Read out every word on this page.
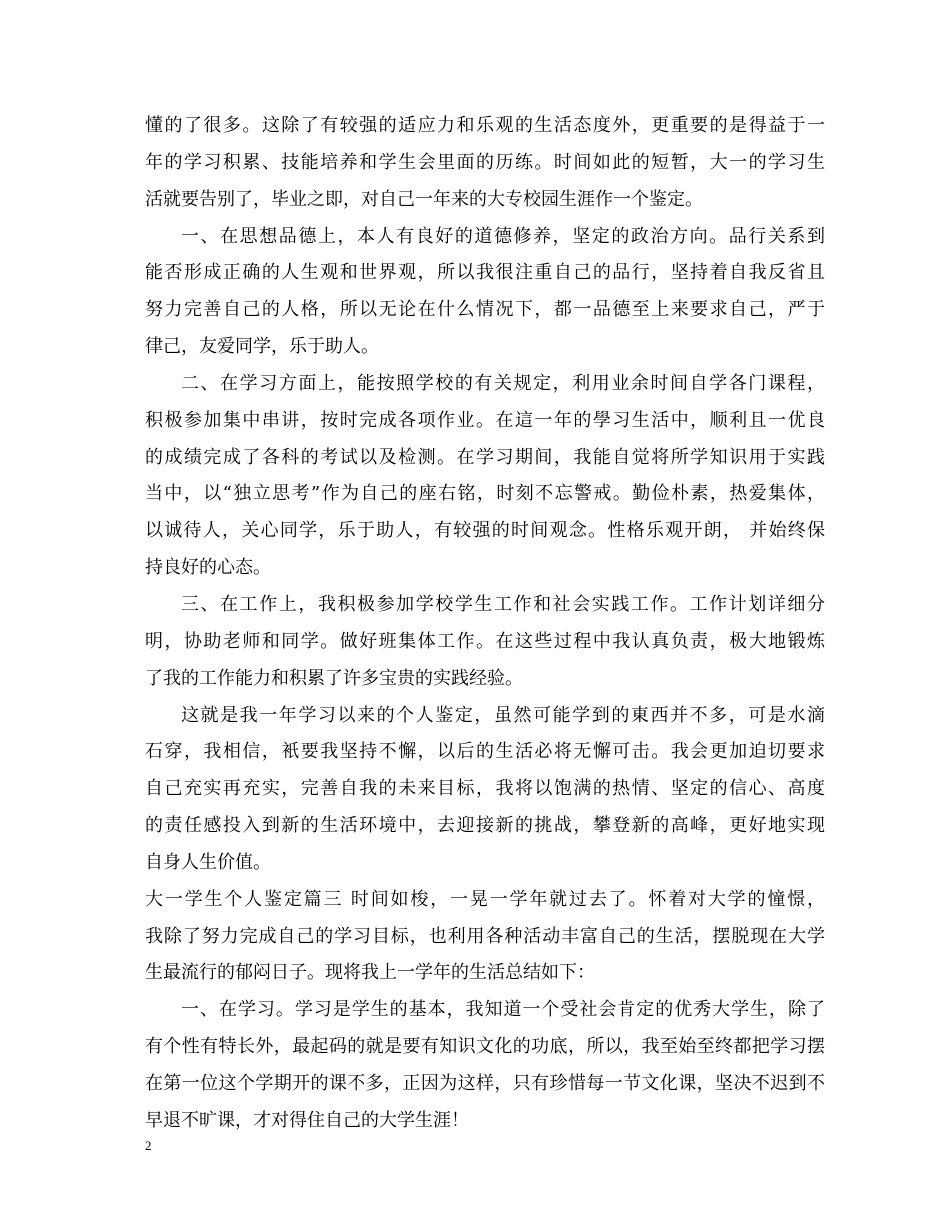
懂的了很多。这除了有较强的适应力和乐观的生活态度外，更重要的是得益于一
年的学习积累、技能培养和学生会里面的历练。时间如此的短暂，大一的学习生
活就要告别了，毕业之即，对自己一年来的大专校园生涯作一个鉴定。
一、在思想品德上，本人有良好的道德修养，坚定的政治方向。品行关系到
能否形成正确的人生观和世界观，所以我很注重自己的品行，坚持着自我反省且
努力完善自己的人格，所以无论在什么情况下，都一品德至上来要求自己，严于
律己，友爱同学，乐于助人。
二、在学习方面上，能按照学校的有关规定，利用业余时间自学各门课程，
积极参加集中串讲，按时完成各项作业。在這一年的學习生活中，顺利且一优良
的成绩完成了各科的考试以及检测。在学习期间，我能自觉将所学知识用于实践
当中，以“独立思考”作为自己的座右铭，时刻不忘警戒。勤俭朴素，热爱集体，
以诚待人，关心同学，乐于助人，有较强的时间观念。性格乐观开朗， 并始终保
持良好的心态。
三、在工作上，我积极参加学校学生工作和社会实践工作。工作计划详细分
明，协助老师和同学。做好班集体工作。在这些过程中我认真负责，极大地锻炼
了我的工作能力和积累了许多宝贵的实践经验。
这就是我一年学习以来的个人鉴定，虽然可能学到的東西并不多，可是水滴
石穿，我相信，衹要我坚持不懈，以后的生活必将无懈可击。我会更加迫切要求
自己充实再充实，完善自我的未来目标，我将以饱满的热情、坚定的信心、高度
的责任感投入到新的生活环境中，去迎接新的挑战，攀登新的高峰，更好地实现
自身人生价值。
大一学生个人鉴定篇三 时间如梭，一晃一学年就过去了。怀着对大学的憧憬，
我除了努力完成自己的学习目标，也利用各种活动丰富自己的生活，摆脱现在大学
生最流行的郁闷日子。现将我上一学年的生活总结如下：
一、在学习。学习是学生的基本，我知道一个受社会肯定的优秀大学生，除了
有个性有特长外，最起码的就是要有知识文化的功底，所以，我至始至终都把学习摆
在第一位这个学期开的课不多，正因为这样，只有珍惜每一节文化课，坚决不迟到不
早退不旷课，才对得住自己的大学生涯！
2
